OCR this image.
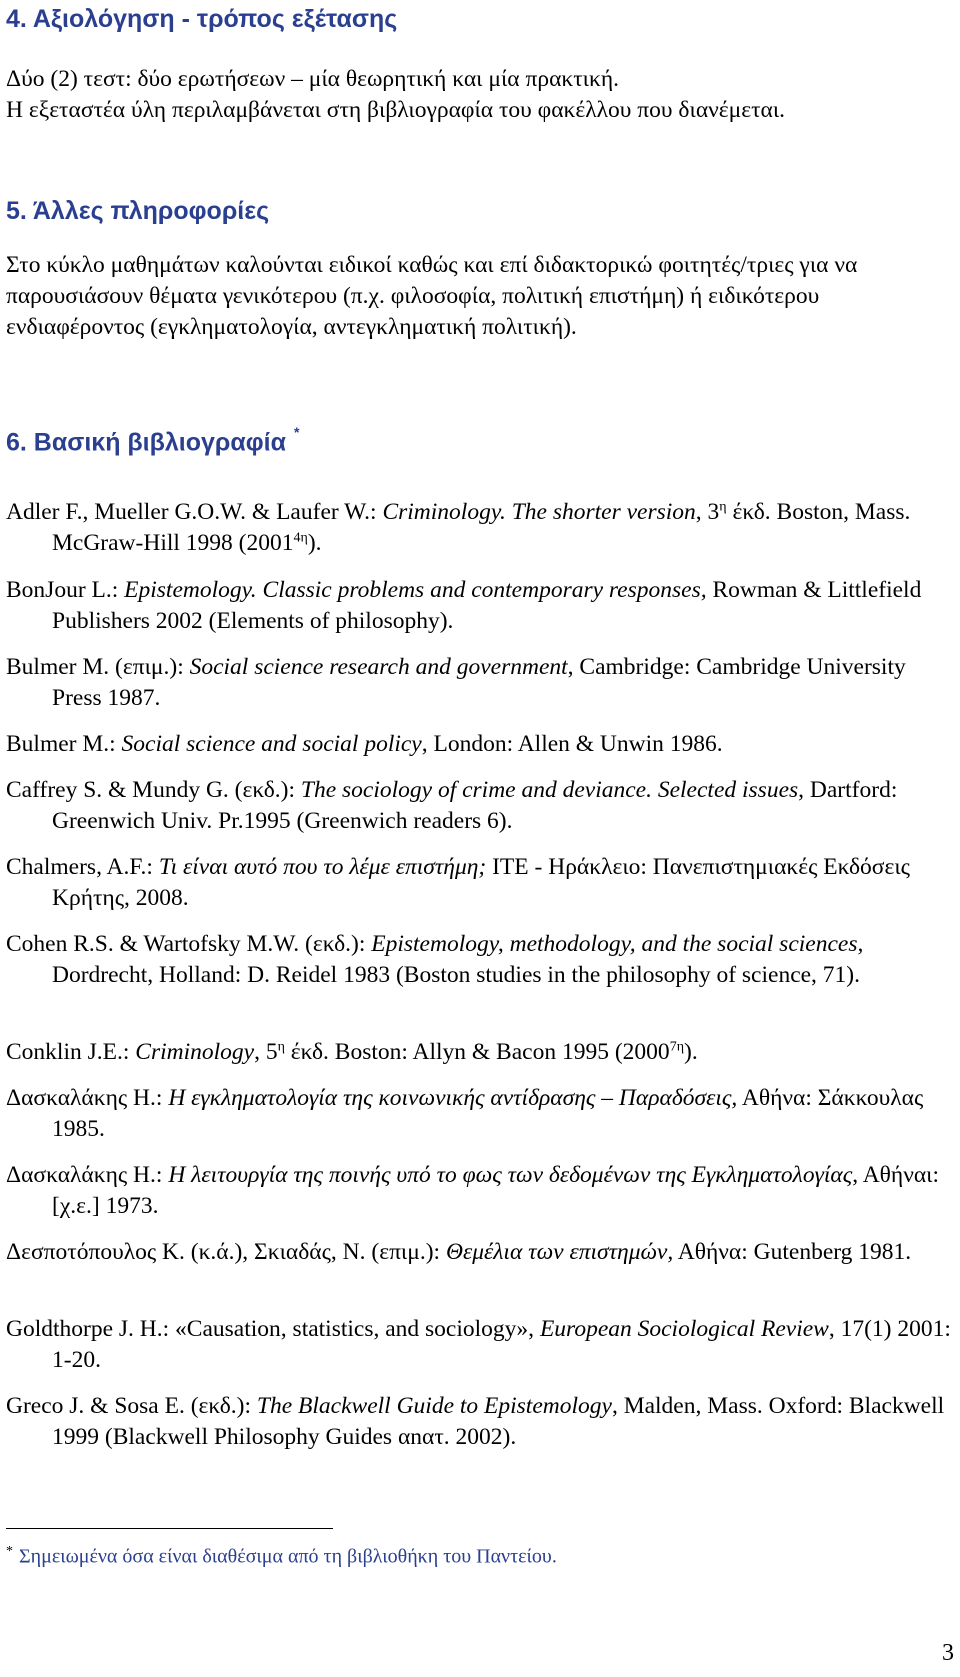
4. Αξιολόγηση - τρόπος εξέτασης

Δύο (2) τεστ: δύο ερωτήσεων – μία θεωρητική και μία πρακτική.

Η εξεταστέα ύλη περιλαμβάνεται στη βιβλιογραφία του φακέλλου που διανέμεται.

5. Άλλες πληροφορίες

Στο κύκλο μαθημάτων καλούνται ειδικοί καθώς και επί διδακτορικώ φοιτητές/τριες για να παρουσιάσουν θέματα γενικότερου (π.χ. φιλοσοφία, πολιτική επιστήμη) ή ειδικότερου ενδιαφέροντος (εγκληματολογία, αντεγκληματική πολιτική).

6. Βασική βιβλιογραφία *

Adler F., Mueller G.O.W. & Laufer W.: Criminology. The shorter version, $3^\eta$ έκδ. Boston, Mass. McGraw-Hill 1998 $(2001^{4\eta})$.

BonJour L.: Epistemology. Classic problems and contemporary responses, Rowman & Littlefield Publishers 2002 (Elements of philosophy).

Bulmer M. (επιμ.): Social science research and government, Cambridge: Cambridge University Press 1987.

Bulmer M.: Social science and social policy, London: Allen & Unwin 1986.

Caffrey S. & Mundy G. (εκδ.): The sociology of crime and deviance. Selected issues, Dartford: Greenwich Univ. Pr.1995 (Greenwich readers 6).

Chalmers, A.F.: Τι είναι αυτό που το λέμε επιστήμη; ΙΤΕ - Ηράκλειο: Πανεπιστημιακές Εκδόσεις Κρήτης, 2008.

Cohen R.S. & Wartofsky M.W. (εκδ.): Epistemology, methodology, and the social sciences, Dordrecht, Holland: D. Reidel 1983 (Boston studies in the philosophy of science, 71).

Conklin J.E.: Criminology, $5^\eta$ έκδ. Boston: Allyn & Bacon 1995 $(2000^{7\eta})$.

Δασκαλάκης Η.: Η εγκληματολογία της κοινωνικής αντίδρασης – Παραδόσεις, Αθήνα: Σάκκουλας 1985.

Δασκαλάκης Η.: Η λειτουργία της ποινής υπό το φως των δεδομένων της Εγκληματολογίας, Αθήναι: [χ.ε.] 1973.

Δεσποτόπουλος Κ. (κ.ά.), Σκιαδάς, Ν. (επιμ.): Θεμέλια των επιστημών, Αθήνα: Gutenberg 1981.

Goldthorpe J. H.: «Causation, statistics, and sociology», European Sociological Review, 17(1) 2001: 1-20.

Greco J. & Sosa E. (εκδ.): The Blackwell Guide to Epistemology, Malden, Mass. Oxford: Blackwell 1999 (Blackwell Philosophy Guides αnατ. 2002).

* Σημειωμένα όσα είναι διαθέσιμα από τη βιβλιοθήκη του Παντείου.

3
